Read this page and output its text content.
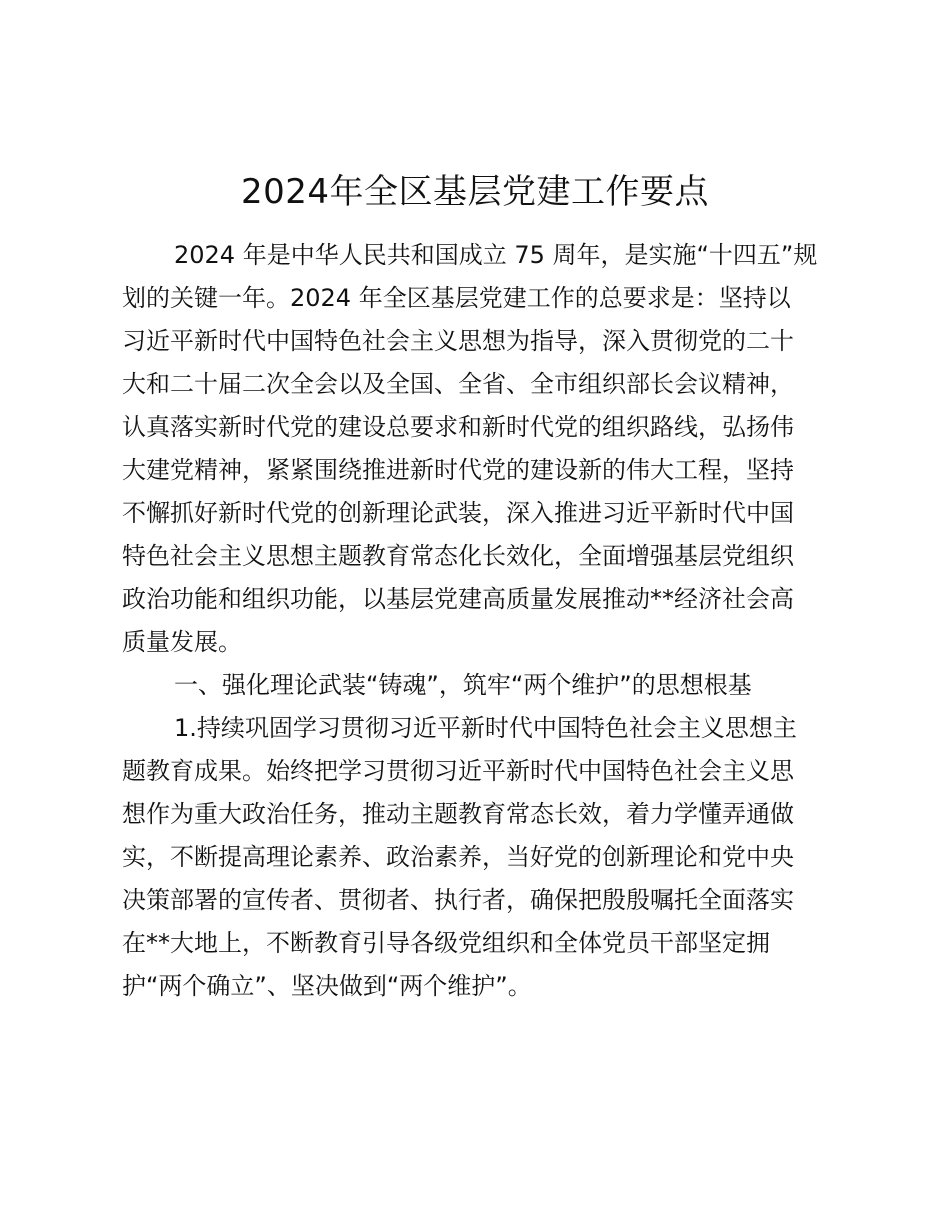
2024年全区基层党建工作要点
2024 年是中华人民共和国成立 75 周年，是实施“十四五”规
划的关键一年。2024 年全区基层党建工作的总要求是：坚持以
习近平新时代中国特色社会主义思想为指导，深入贯彻党的二十
大和二十届二次全会以及全国、全省、全市组织部长会议精神，
认真落实新时代党的建设总要求和新时代党的组织路线，弘扬伟
大建党精神，紧紧围绕推进新时代党的建设新的伟大工程，坚持
不懈抓好新时代党的创新理论武装，深入推进习近平新时代中国
特色社会主义思想主题教育常态化长效化，全面增强基层党组织
政治功能和组织功能，以基层党建高质量发展推动**经济社会高
质量发展。
一、强化理论武装“铸魂”，筑牢“两个维护”的思想根基
1.持续巩固学习贯彻习近平新时代中国特色社会主义思想主
题教育成果。始终把学习贯彻习近平新时代中国特色社会主义思
想作为重大政治任务，推动主题教育常态长效，着力学懂弄通做
实，不断提高理论素养、政治素养，当好党的创新理论和党中央
决策部署的宣传者、贯彻者、执行者，确保把殷殷嘱托全面落实
在**大地上，不断教育引导各级党组织和全体党员干部坚定拥
护“两个确立”、坚决做到“两个维护”。
